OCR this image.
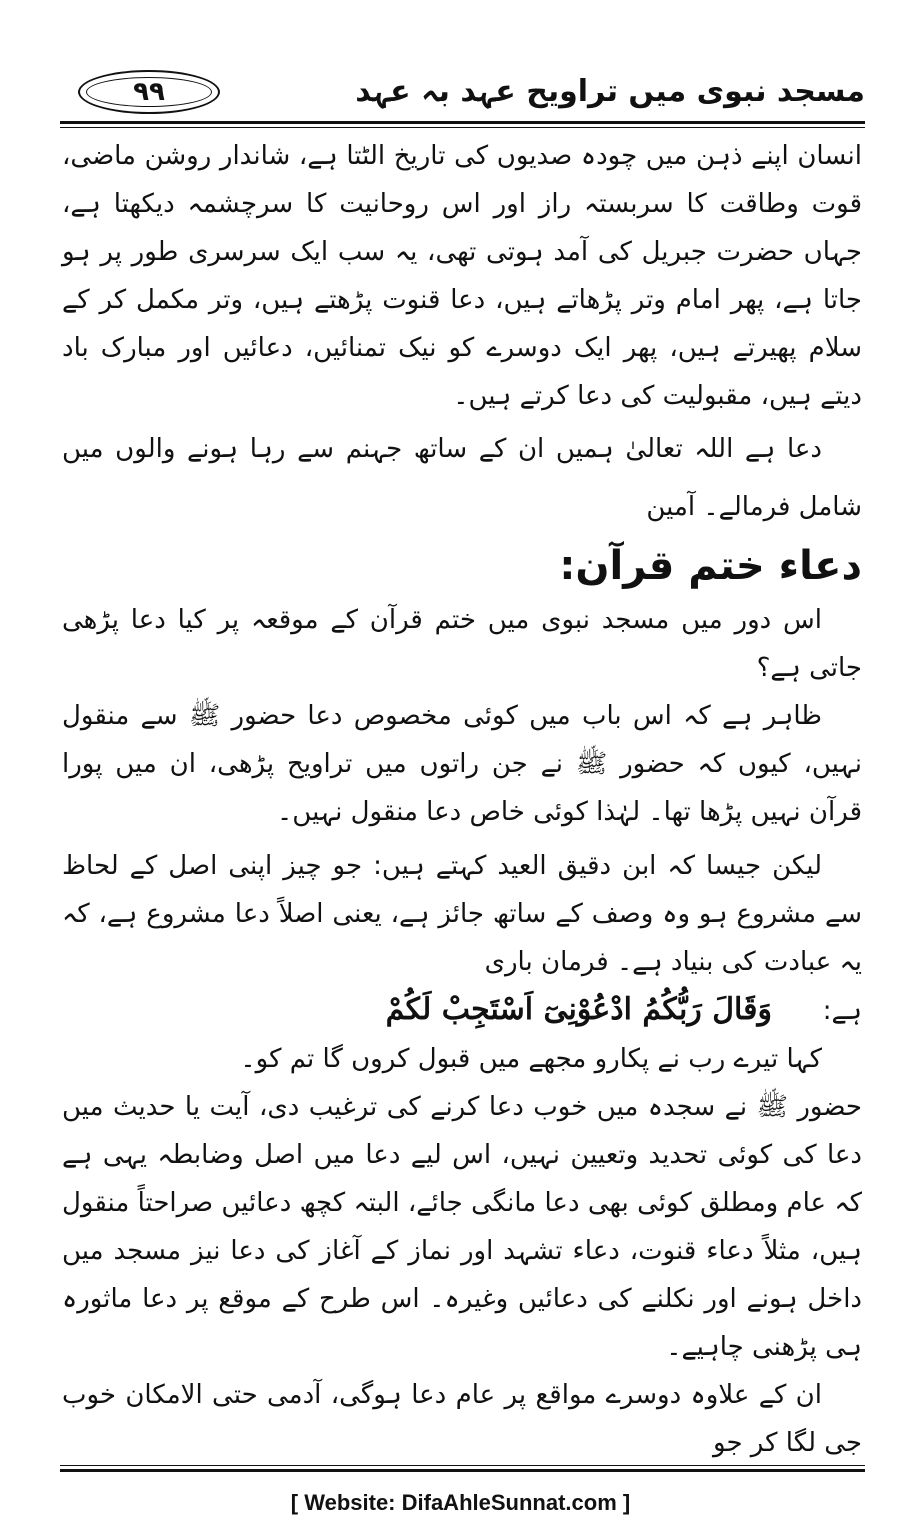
مسجد نبوی میں تراویح عہد بہ عہد
۹۹

انسان اپنے ذہن میں چودہ صدیوں کی تاریخ الٹتا ہے، شاندار روشن ماضی، قوت وطاقت کا سربستہ راز اور اس روحانیت کا سرچشمہ دیکھتا ہے، جہاں حضرت جبریل کی آمد ہوتی تھی، یہ سب ایک سرسری طور پر ہو جاتا ہے، پھر امام وتر پڑھاتے ہیں، دعا قنوت پڑھتے ہیں، وتر مکمل کر کے سلام پھیرتے ہیں، پھر ایک دوسرے کو نیک تمنائیں، دعائیں اور مبارک باد دیتے ہیں، مقبولیت کی دعا کرتے ہیں۔

دعا ہے اللہ تعالیٰ ہمیں ان کے ساتھ جہنم سے رہا ہونے والوں میں شامل فرمالے۔ آمین

دعاء ختم قرآن:

اس دور میں مسجد نبوی میں ختم قرآن کے موقعہ پر کیا دعا پڑھی جاتی ہے؟

ظاہر ہے کہ اس باب میں کوئی مخصوص دعا حضور ﷺ سے منقول نہیں، کیوں کہ حضور ﷺ نے جن راتوں میں تراویح پڑھی، ان میں پورا قرآن نہیں پڑھا تھا۔ لہٰذا کوئی خاص دعا منقول نہیں۔

لیکن جیسا کہ ابن دقیق العید کہتے ہیں: جو چیز اپنی اصل کے لحاظ سے مشروع ہو وہ وصف کے ساتھ جائز ہے، یعنی اصلاً دعا مشروع ہے، کہ یہ عبادت کی بنیاد ہے۔ فرمان باری

ہے:
وَقَالَ رَبُّكُمُ ادْعُوْنِىٓ اَسْتَجِبْ لَكُمْ

کہا تیرے رب نے پکارو مجھے میں قبول کروں گا تم کو۔

حضور ﷺ نے سجدہ میں خوب دعا کرنے کی ترغیب دی، آیت یا حدیث میں دعا کی کوئی تحدید وتعیین نہیں، اس لیے دعا میں اصل وضابطہ یہی ہے کہ عام ومطلق کوئی بھی دعا مانگی جائے، البتہ کچھ دعائیں صراحتاً منقول ہیں، مثلاً دعاء قنوت، دعاء تشہد اور نماز کے آغاز کی دعا نیز مسجد میں داخل ہونے اور نکلنے کی دعائیں وغیرہ۔ اس طرح کے موقع پر دعا ماثورہ ہی پڑھنی چاہیے۔

ان کے علاوہ دوسرے مواقع پر عام دعا ہوگی، آدمی حتی الامکان خوب جی لگا کر جو

[ Website: DifaAhleSunnat.com ]
